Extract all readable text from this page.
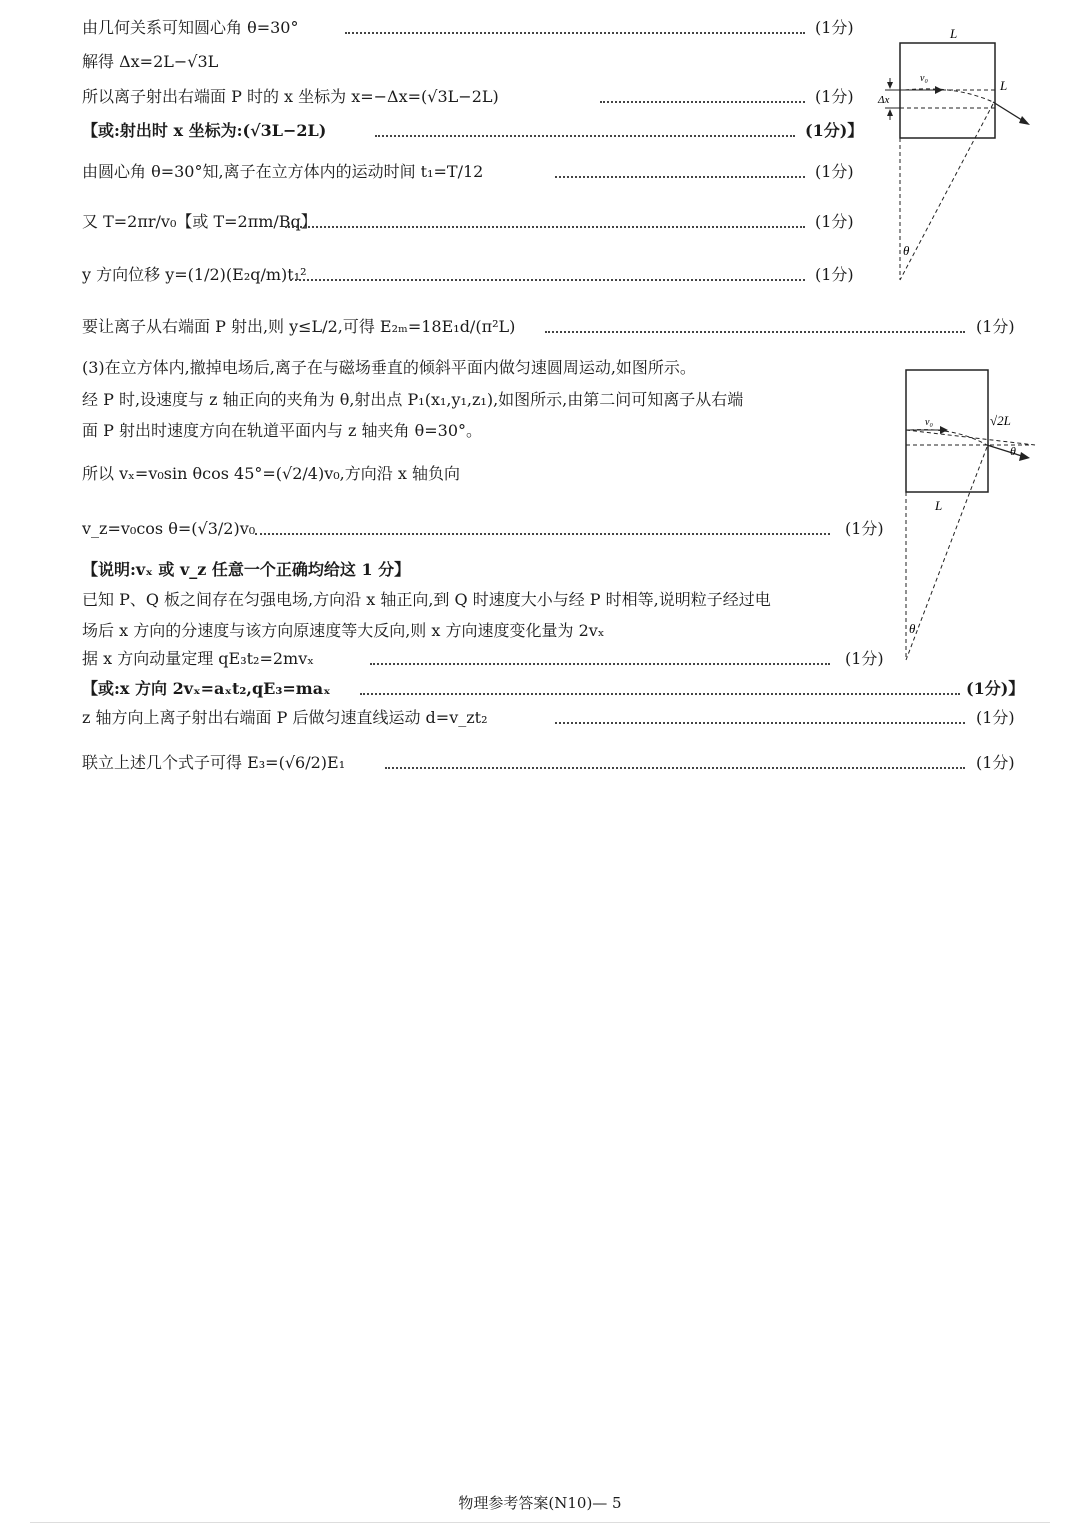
由几何关系可知圆心角 θ=30°	(1分)
解得 Δx=2L−√3L
所以离子射出右端面 P 时的 x 坐标为 x=−Δx=(√3L−2L)	(1分)
【或:射出时 x 坐标为:(√3L−2L)	(1分)】
由圆心角 θ=30°知,离子在立方体内的运动时间 t₁=T/12	(1分)
又 T=2πr/v₀【或 T=2πm/Bq】	(1分)
y 方向位移 y=(1/2)(E₂q/m)t₁²	(1分)
要让离子从右端面 P 射出,则 y≤L/2,可得 E₂ₘ=18E₁d/(π²L)	(1分)
(3)在立方体内,撤掉电场后,离子在与磁场垂直的倾斜平面内做匀速圆周运动,如图所示。
经 P 时,设速度与 z 轴正向的夹角为 θ,射出点 P₁(x₁,y₁,z₁),如图所示,由第二问可知离子从右端
面 P 射出时速度方向在轨道平面内与 z 轴夹角 θ=30°。
所以 vₓ=v₀sin θcos 45°=(√2/4)v₀,方向沿 x 轴负向
v_z=v₀cos θ=(√3/2)v₀	(1分)
【说明:vₓ 或 v_z 任意一个正确均给这 1 分】
已知 P、Q 板之间存在匀强电场,方向沿 x 轴正向,到 Q 时速度大小与经 P 时相等,说明粒子经过电
场后 x 方向的分速度与该方向原速度等大反向,则 x 方向速度变化量为 2vₓ
据 x 方向动量定理 qE₃t₂=2mvₓ	(1分)
【或:x 方向 2vₓ=aₓt₂,qE₃=maₓ	(1分)】
z 轴方向上离子射出右端面 P 后做匀速直线运动 d=v_zt₂	(1分)
联立上述几个式子可得 E₃=(√6/2)E₁	(1分)
L
L
Δx
v₀
θ
√2L
L
v₀
θ
θ
物理参考答案(N10)— 5
